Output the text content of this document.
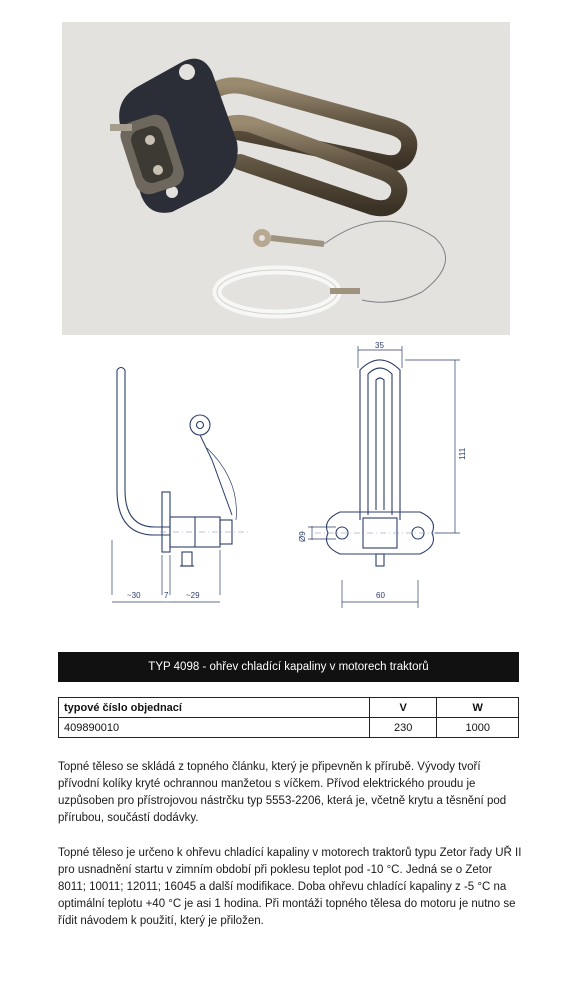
~30	7 ~29
35
111
Ø9
60
TYP 4098 - ohřev chladící kapaliny v motorech traktorů
typové číslo objednací	V	W
409890010	230	1000

Topné těleso se skládá z topného článku, který je připevněn k přírubě. Vývody tvoří přívodní kolíky kryté ochrannou manžetou s víčkem. Přívod elektrického proudu je uzpůsoben pro přístrojovou nástrčku typ 5553-2206, která je, včetně krytu a těsnění pod přírubou, součástí dodávky.

Topné těleso je určeno k ohřevu chladící kapaliny v motorech traktorů typu Zetor řady UŘ II pro usnadnění startu v zimním období při poklesu teplot pod -10 °C. Jedná se o Zetor 8011; 10011; 12011; 16045 a další modifikace. Doba ohřevu chladící kapaliny z -5 °C na optimální teplotu +40 °C je asi 1 hodina. Při montáži topného tělesa do motoru je nutno se řídit návodem k použití, který je přiložen.
